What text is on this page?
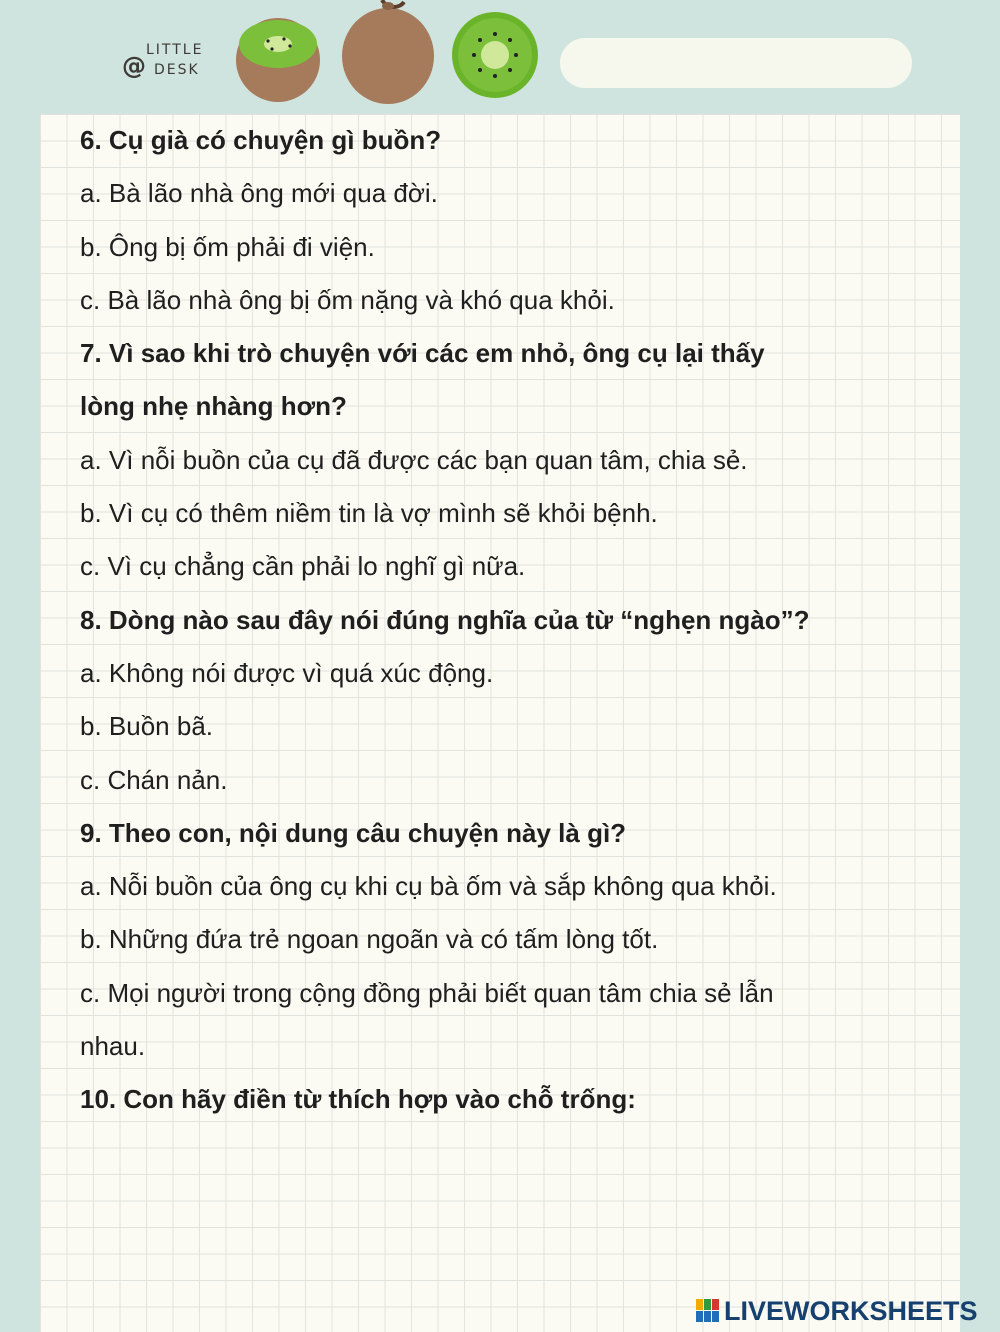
@
LITTLE
DESK
6. Cụ già có chuyện gì buồn?
a. Bà lão nhà ông mới qua đời.
b. Ông bị ốm phải đi viện.
c. Bà lão nhà ông bị ốm nặng và khó qua khỏi.
7. Vì sao khi trò chuyện với các em nhỏ, ông cụ lại thấy
lòng nhẹ nhàng hơn?
a. Vì nỗi buồn của cụ đã được các bạn quan tâm, chia sẻ.
b. Vì cụ có thêm niềm tin là vợ mình sẽ khỏi bệnh.
c. Vì cụ chẳng cần phải lo nghĩ gì nữa.
8. Dòng nào sau đây nói đúng nghĩa của từ “nghẹn ngào”?
a. Không nói được vì quá xúc động.
b. Buồn bã.
c. Chán nản.
9. Theo con, nội dung câu chuyện này là gì?
a. Nỗi buồn của ông cụ khi cụ bà ốm và sắp không qua khỏi.
b. Những đứa trẻ ngoan ngoãn và có tấm lòng tốt.
c. Mọi người trong cộng đồng phải biết quan tâm chia sẻ lẫn
nhau.
10. Con hãy điền từ thích hợp vào chỗ trống:
LIVEWORKSHEETS
